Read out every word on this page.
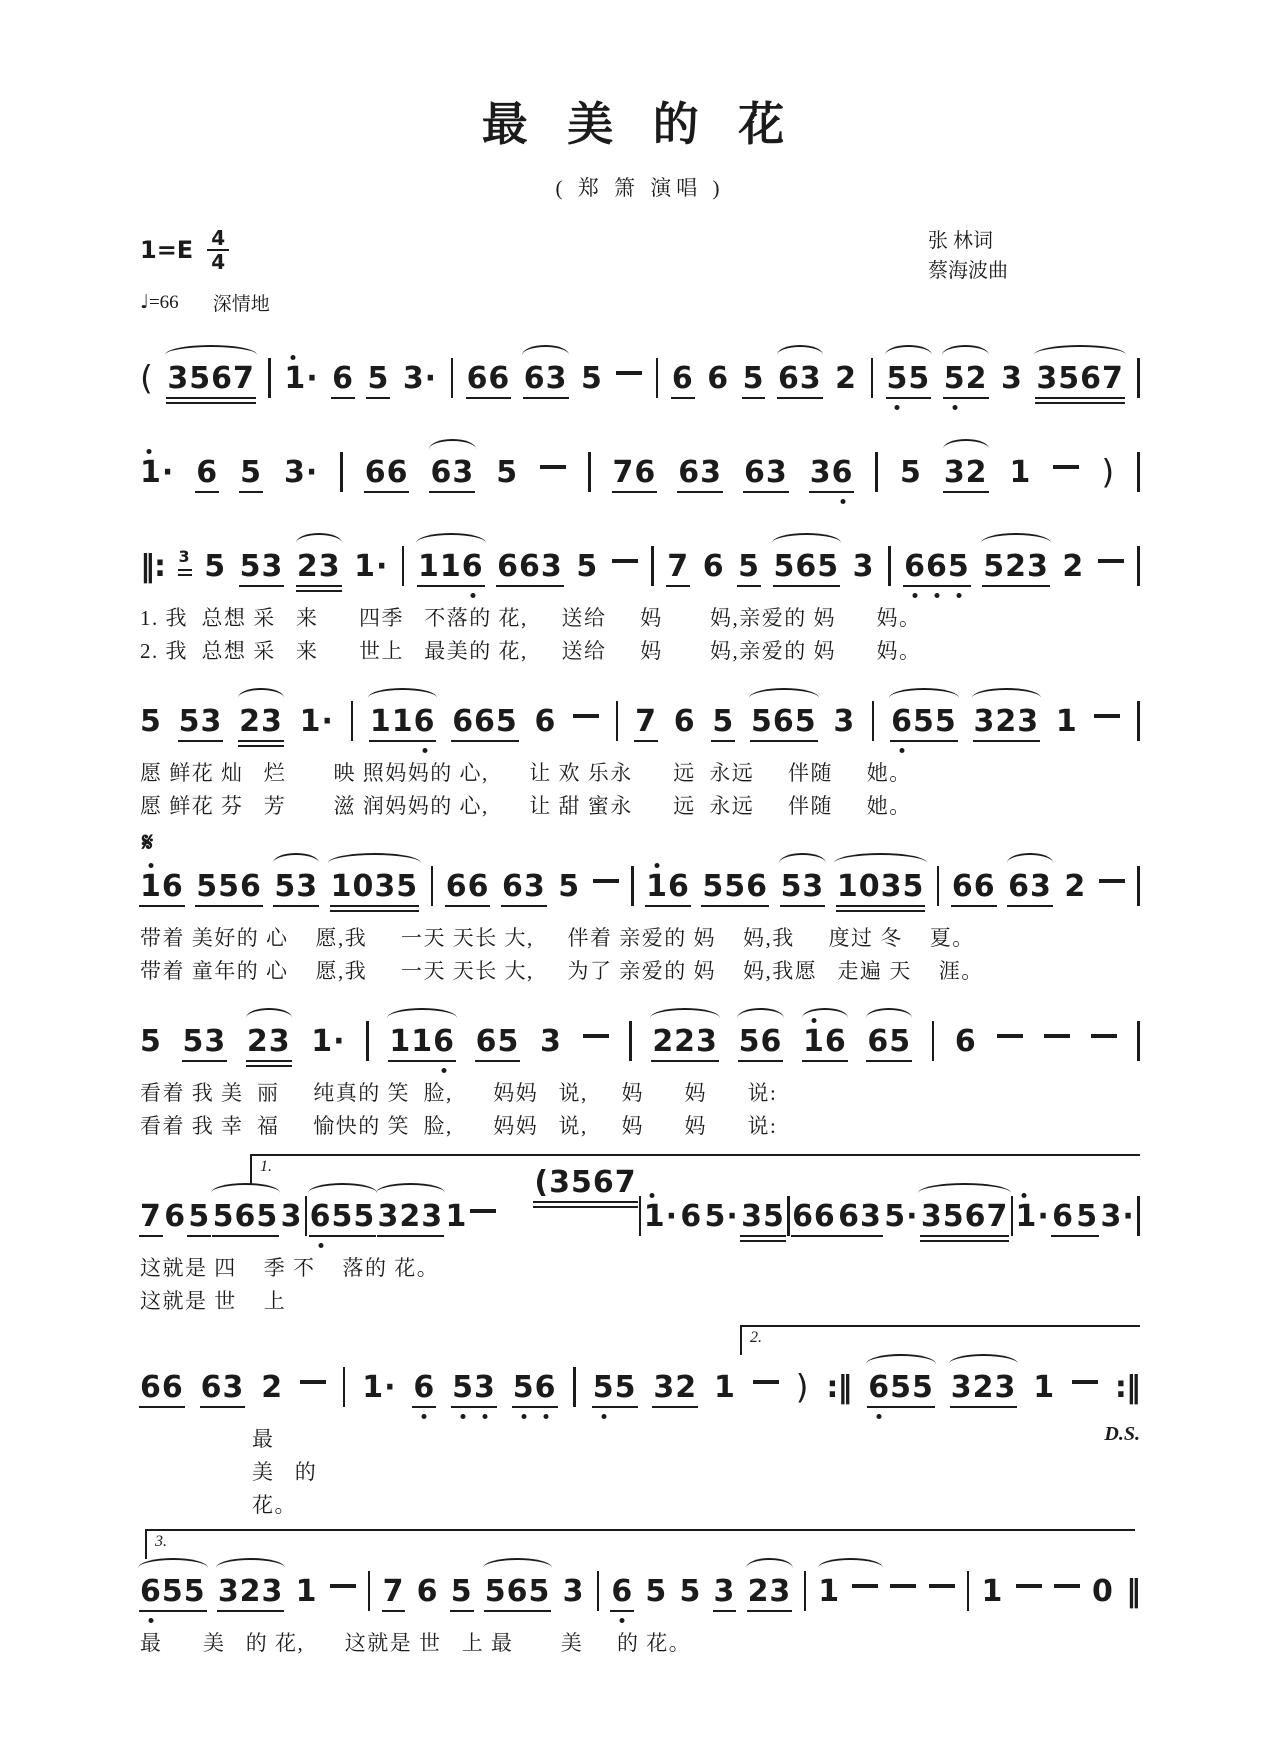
最 美 的 花
( 郑 箫 演唱 )
$1=E \frac{4}{4}$
♩=66 深情地
张 林词
蔡海波曲
( 3567 1· 6 5 3· 66 63 5 6 6 5 63 2 55 52 3 3567
1· 6 5 3· 66 63 5	76 63 63 36 5 32 1 )
‖: 3 5 53 23 1· 116 663 5 7 6 5 565 3 665 523 2
1. 我  总想 采   来      四季   不落的 花,     送给     妈       妈,亲爱的 妈      妈。
2. 我  总想 采   来      世上   最美的 花,     送给     妈       妈,亲爱的 妈      妈。
5 53 23 1· 116 665 6	7 6 5 565 3 655 323 1
愿 鲜花 灿   烂       映 照妈妈的 心,      让 欢 乐永      远  永远     伴随     她。
愿 鲜花 芬   芳       滋 润妈妈的 心,      让 甜 蜜永      远  永远     伴随     她。
𝄋
16 556 53 1035 66 63 5 16 556 53 1035 66 63 2
带着 美好的 心    愿,我     一天 天长 大,     伴着 亲爱的 妈    妈,我     度过 冬    夏。
带着 童年的 心    愿,我     一天 天长 大,     为了 亲爱的 妈    妈,我愿   走遍 天    涯。
5 53 23 1· 116 65 3	223 56 16 65 6
看着 我 美  丽     纯真的 笑  脸,      妈妈   说,     妈      妈      说:
看着 我 幸  福     愉快的 笑  脸,      妈妈   说,     妈      妈      说:
1.
7 6 5 565 3 655 323 1
(3567
1· 6 5· 35 66 63 5· 3567 1· 6 5 3·
这就是 四    季 不    落的 花。
这就是 世    上
2.
66 63 2	1· 6 53 56 55 32 1 ) :‖ 655 323 1 :‖
最      美   的  花。
D.S.
3.
655 323 1 7 6 5 565 3 6 5 5 3 23 1	1	0 ‖
最      美   的 花,      这就是 世   上 最       美     的 花。
